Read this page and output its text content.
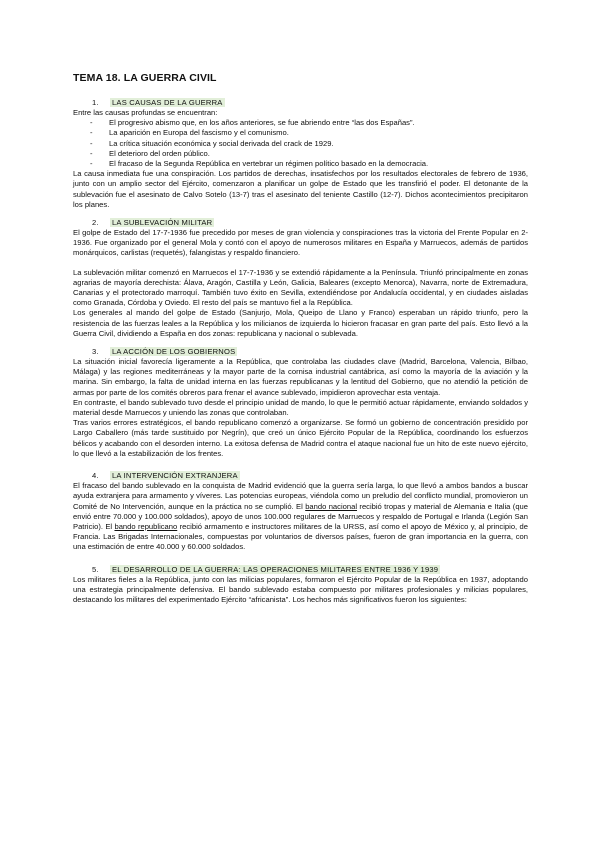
TEMA 18. LA GUERRA CIVIL
1. LAS CAUSAS DE LA GUERRA

Entre las causas profundas se encuentran:

- El progresivo abismo que, en los años anteriores, se fue abriendo entre “las dos Españas”.
- La aparición en Europa del fascismo y el comunismo.
- La crítica situación económica y social derivada del crack de 1929.
- El deterioro del orden público.
- El fracaso de la Segunda República en vertebrar un régimen político basado en la democracia.

La causa inmediata fue una conspiración. Los partidos de derechas, insatisfechos por los resultados electorales de febrero de 1936, junto con un amplio sector del Ejército, comenzaron a planificar un golpe de Estado que les transfirió el poder. El detonante de la sublevación fue el asesinato de Calvo Sotelo (13-7) tras el asesinato del teniente Castillo (12-7). Dichos acontecimientos precipitaron los planes.

2. LA SUBLEVACIÓN MILITAR

El golpe de Estado del 17-7-1936 fue precedido por meses de gran violencia y conspiraciones tras la victoria del Frente Popular en 2-1936. Fue organizado por el general Mola y contó con el apoyo de numerosos militares en España y Marruecos, además de partidos monárquicos, carlistas (requetés), falangistas y respaldo financiero.

La sublevación militar comenzó en Marruecos el 17-7-1936 y se extendió rápidamente a la Península. Triunfó principalmente en zonas agrarias de mayoría derechista: Álava, Aragón, Castilla y León, Galicia, Baleares (excepto Menorca), Navarra, norte de Extremadura, Canarias y el protectorado marroquí. También tuvo éxito en Sevilla, extendiéndose por Andalucía occidental, y en ciudades aisladas como Granada, Córdoba y Oviedo. El resto del país se mantuvo fiel a la República.

Los generales al mando del golpe de Estado (Sanjurjo, Mola, Queipo de Llano y Franco) esperaban un rápido triunfo, pero la resistencia de las fuerzas leales a la República y los milicianos de izquierda lo hicieron fracasar en gran parte del país. Esto llevó a la Guerra Civil, dividiendo a España en dos zonas: republicana y nacional o sublevada.

3. LA ACCIÓN DE LOS GOBIERNOS

La situación inicial favorecía ligeramente a la República, que controlaba las ciudades clave (Madrid, Barcelona, Valencia, Bilbao, Málaga) y las regiones mediterráneas y la mayor parte de la cornisa industrial cantábrica, así como la mayoría de la aviación y la marina. Sin embargo, la falta de unidad interna en las fuerzas republicanas y la lentitud del Gobierno, que no atendió la petición de armas por parte de los comités obreros para frenar el avance sublevado, impidieron aprovechar esta ventaja.

En contraste, el bando sublevado tuvo desde el principio unidad de mando, lo que le permitió actuar rápidamente, enviando soldados y material desde Marruecos y uniendo las zonas que controlaban.

Tras varios errores estratégicos, el bando republicano comenzó a organizarse. Se formó un gobierno de concentración presidido por Largo Caballero (más tarde sustituido por Negrín), que creó un único Ejército Popular de la República, coordinando los esfuerzos bélicos y acabando con el desorden interno. La exitosa defensa de Madrid contra el ataque nacional fue un hito de este nuevo ejército, lo que llevó a la estabilización de los frentes.

4. LA INTERVENCIÓN EXTRANJERA

El fracaso del bando sublevado en la conquista de Madrid evidenció que la guerra sería larga, lo que llevó a ambos bandos a buscar ayuda extranjera para armamento y víveres. Las potencias europeas, viéndola como un preludio del conflicto mundial, promovieron un Comité de No Intervención, aunque en la práctica no se cumplió. El bando nacional recibió tropas y material de Alemania e Italia (que envió entre 70.000 y 100.000 soldados), apoyo de unos 100.000 regulares de Marruecos y respaldo de Portugal e Irlanda (Legión San Patricio). El bando republicano recibió armamento e instructores militares de la URSS, así como el apoyo de México y, al principio, de Francia. Las Brigadas Internacionales, compuestas por voluntarios de diversos países, fueron de gran importancia en la guerra, con una estimación de entre 40.000 y 60.000 soldados.

5. EL DESARROLLO DE LA GUERRA: LAS OPERACIONES MILITARES ENTRE 1936 Y 1939

Los militares fieles a la República, junto con las milicias populares, formaron el Ejército Popular de la República en 1937, adoptando una estrategia principalmente defensiva. El bando sublevado estaba compuesto por militares profesionales y milicias populares, destacando los militares del experimentado Ejército “africanista”. Los hechos más significativos fueron los siguientes:
